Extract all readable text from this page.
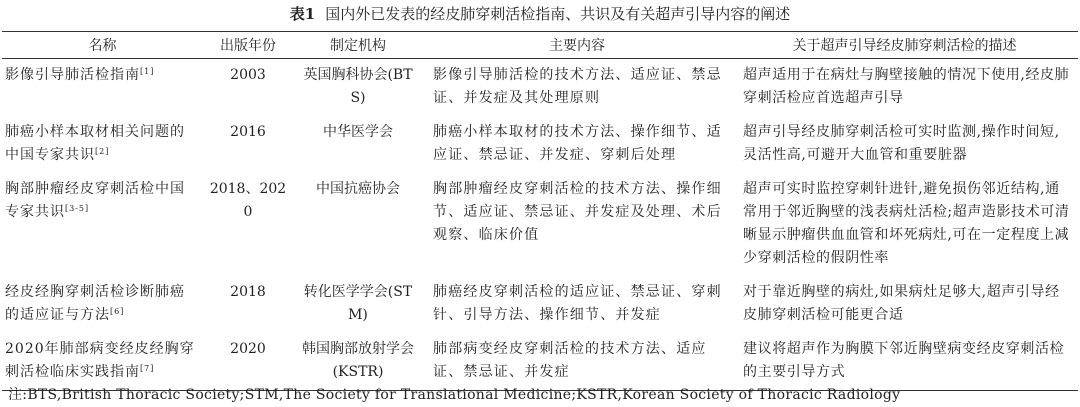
表1 国内外已发表的经皮肺穿刺活检指南、共识及有关超声引导内容的阐述
名称	出版年份	制定机构	主要内容	关于超声引导经皮肺穿刺活检的描述
影像引导肺活检指南[1]	2003	英国胸科协会(BTS)	影像引导肺活检的技术方法、适应证、禁忌证、并发症及其处理原则	超声适用于在病灶与胸壁接触的情况下使用,经皮肺穿刺活检应首选超声引导
肺癌小样本取材相关问题的中国专家共识[2]	2016	中华医学会	肺癌小样本取材的技术方法、操作细节、适应证、禁忌证、并发症、穿刺后处理	超声引导经皮肺穿刺活检可实时监测,操作时间短,灵活性高,可避开大血管和重要脏器
胸部肿瘤经皮穿刺活检中国专家共识[3-5]	2018、2020	中国抗癌协会	胸部肿瘤经皮穿刺活检的技术方法、操作细节、适应证、禁忌证、并发症及处理、术后观察、临床价值	超声可实时监控穿刺针进针,避免损伤邻近结构,通常用于邻近胸壁的浅表病灶活检;超声造影技术可清晰显示肿瘤供血血管和坏死病灶,可在一定程度上减少穿刺活检的假阴性率
经皮经胸穿刺活检诊断肺癌的适应证与方法[6]	2018	转化医学学会(STM)	肺癌经皮穿刺活检的适应证、禁忌证、穿刺针、引导方法、操作细节、并发症	对于靠近胸壁的病灶,如果病灶足够大,超声引导经皮肺穿刺活检可能更合适
2020年肺部病变经皮经胸穿刺活检临床实践指南[7]	2020	韩国胸部放射学会(KSTR)	肺部病变经皮穿刺活检的技术方法、适应证、禁忌证、并发症	建议将超声作为胸膜下邻近胸壁病变经皮穿刺活检的主要引导方式
注:BTS,British Thoracic Society;STM,The Society for Translational Medicine;KSTR,Korean Society of Thoracic Radiology
